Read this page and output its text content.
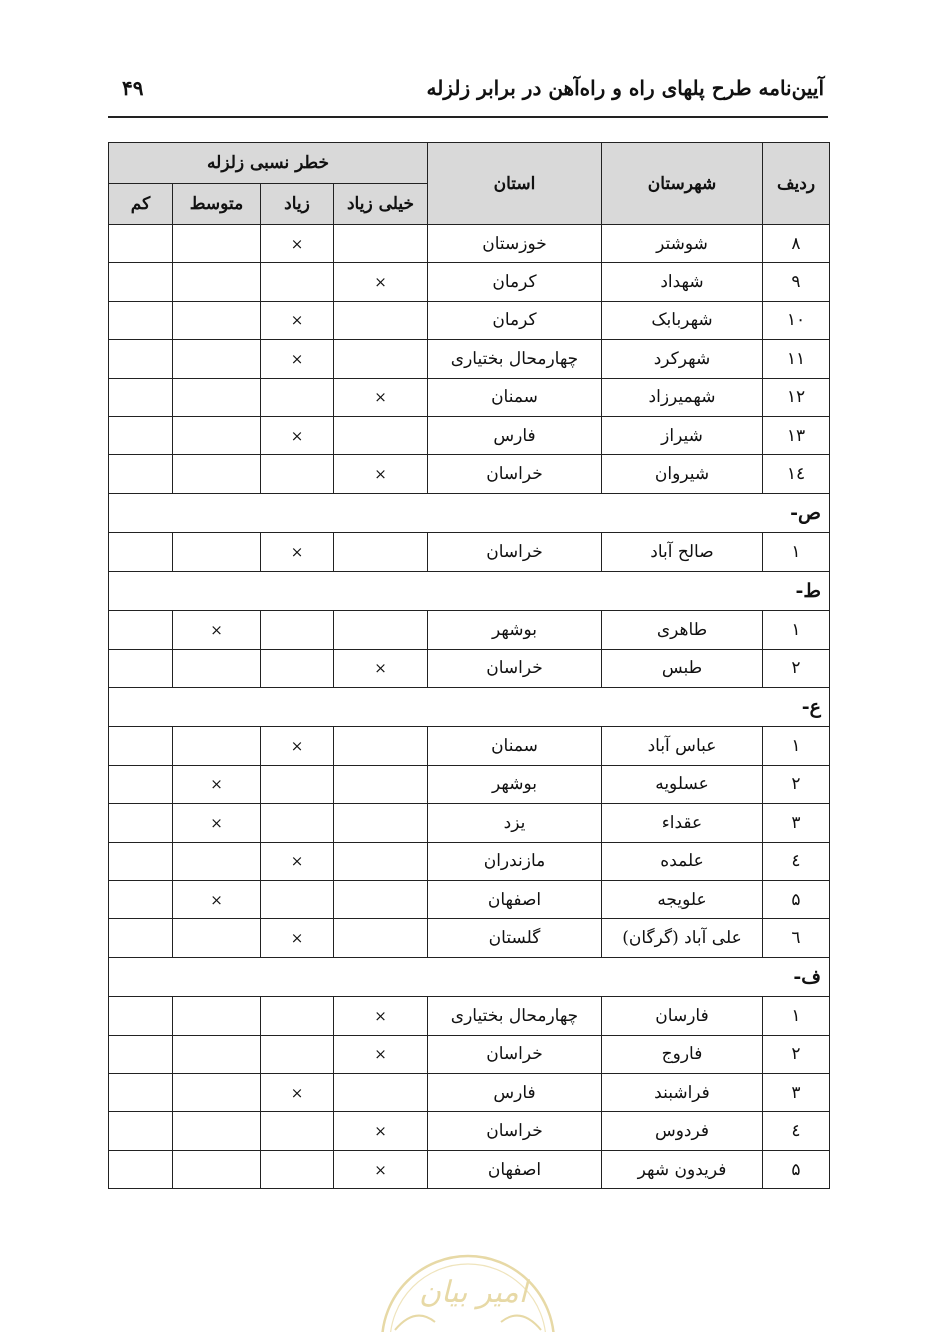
آیین‌نامه طرح پلهای راه و راه‌آهن در برابر زلزله
۴۹
ردیف	شهرستان	استان	خطر نسبی زلزله			
			خیلی زیاد	زیاد	متوسط	کم
۸	شوشتر	خوزستان		×		
۹	شهداد	کرمان	×			
۱۰	شهربابک	کرمان		×		
۱۱	شهرکرد	چهارمحال بختیاری		×		
۱۲	شهمیرزاد	سمنان	×			
۱۳	شیراز	فارس		×		
۱٤	شیروان	خراسان	×			
ص-						
۱	صالح آباد	خراسان		×		
ط-						
۱	طاهری	بوشهر			×	
۲	طبس	خراسان	×			
ع-						
۱	عباس آباد	سمنان		×		
۲	عسلویه	بوشهر			×	
۳	عقداء	یزد			×	
٤	علمده	مازندران		×		
۵	علویجه	اصفهان			×	
٦	علی آباد (گرگان)	گلستان		×		
ف-						
۱	فارسان	چهارمحال بختیاری	×			
۲	فاروج	خراسان	×			
۳	فراشبند	فارس		×		
٤	فردوس	خراسان	×			
۵	فریدون شهر	اصفهان	×			
امیر بیان
